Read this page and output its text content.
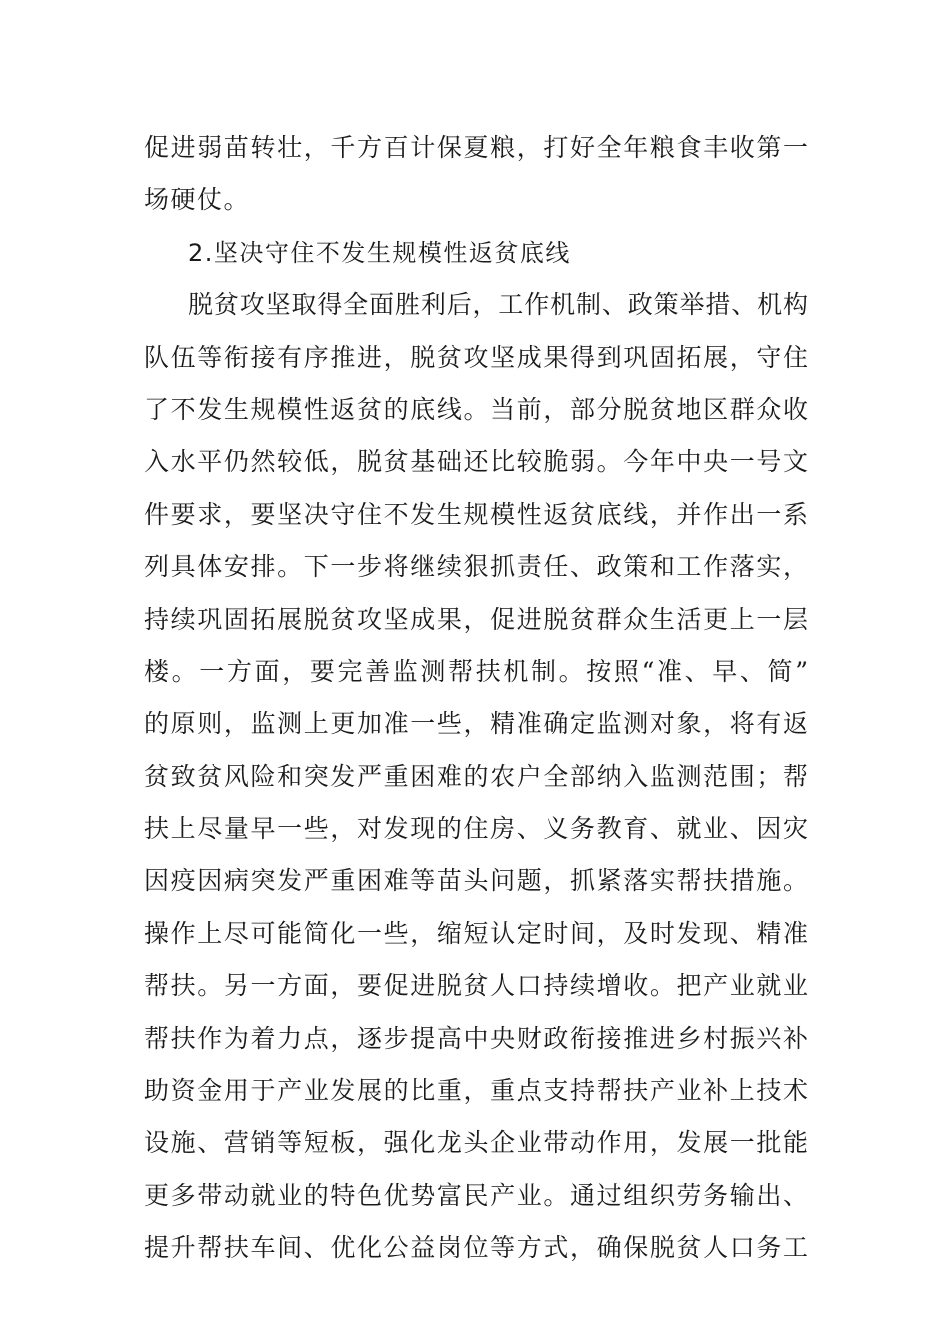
促进弱苗转壮，千方百计保夏粮，打好全年粮食丰收第一
场硬仗。
2.坚决守住不发生规模性返贫底线
脱贫攻坚取得全面胜利后，工作机制、政策举措、机构
队伍等衔接有序推进，脱贫攻坚成果得到巩固拓展，守住
了不发生规模性返贫的底线。当前，部分脱贫地区群众收
入水平仍然较低，脱贫基础还比较脆弱。今年中央一号文
件要求，要坚决守住不发生规模性返贫底线，并作出一系
列具体安排。下一步将继续狠抓责任、政策和工作落实，
持续巩固拓展脱贫攻坚成果，促进脱贫群众生活更上一层
楼。一方面，要完善监测帮扶机制。按照“准、早、简”
的原则，监测上更加准一些，精准确定监测对象，将有返
贫致贫风险和突发严重困难的农户全部纳入监测范围；帮
扶上尽量早一些，对发现的住房、义务教育、就业、因灾
因疫因病突发严重困难等苗头问题，抓紧落实帮扶措施。
操作上尽可能简化一些，缩短认定时间，及时发现、精准
帮扶。另一方面，要促进脱贫人口持续增收。把产业就业
帮扶作为着力点，逐步提高中央财政衔接推进乡村振兴补
助资金用于产业发展的比重，重点支持帮扶产业补上技术
设施、营销等短板，强化龙头企业带动作用，发展一批能
更多带动就业的特色优势富民产业。通过组织劳务输出、
提升帮扶车间、优化公益岗位等方式，确保脱贫人口务工
